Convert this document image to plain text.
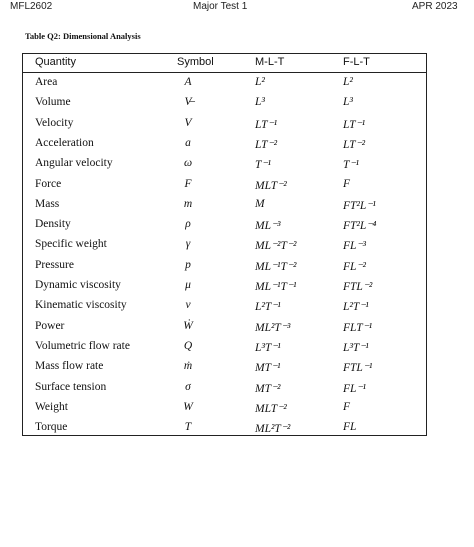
MFL2602	Major Test 1	APR 2023
Table Q2: Dimensional Analysis
Quantity	Symbol	M-L-T	F-L-T
Area	A	L²	L²
Volume	V̶	L³	L³
Velocity	V	LT⁻¹	LT⁻¹
Acceleration	a	LT⁻²	LT⁻²
Angular velocity	ω	T⁻¹	T⁻¹
Force	F	MLT⁻²	F
Mass	m	M	FT²L⁻¹
Density	ρ	ML⁻³	FT²L⁻⁴
Specific weight	γ	ML⁻²T⁻²	FL⁻³
Pressure	p	ML⁻¹T⁻²	FL⁻²
Dynamic viscosity	μ	ML⁻¹T⁻¹	FTL⁻²
Kinematic viscosity	ν	L²T⁻¹	L²T⁻¹
Power	Ẇ	ML²T⁻³	FLT⁻¹
Volumetric flow rate	Q	L³T⁻¹	L³T⁻¹
Mass flow rate	ṁ	MT⁻¹	FTL⁻¹
Surface tension	σ	MT⁻²	FL⁻¹
Weight	W	MLT⁻²	F
Torque	T	ML²T⁻²	FL
